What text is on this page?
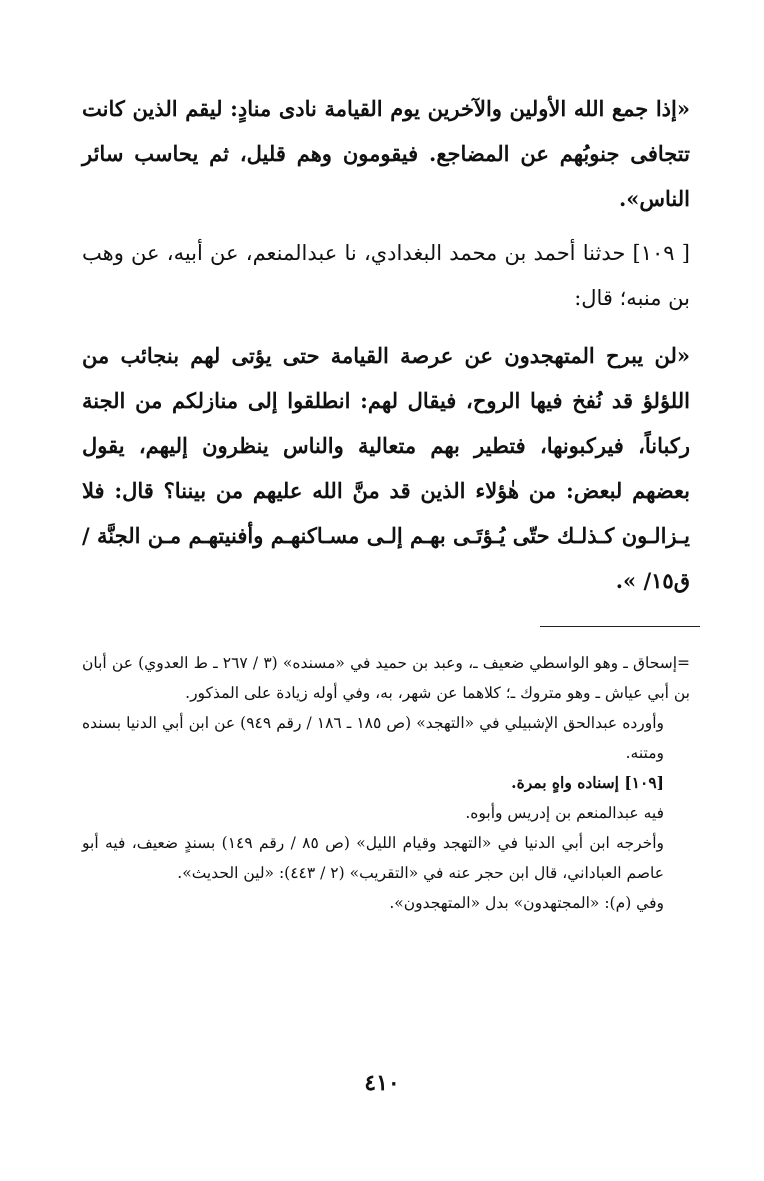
«إذا جمع الله الأولين والآخرين يوم القيامة نادى منادٍ: ليقم الذين كانت تتجافى جنوبُهم عن المضاجع. فيقومون وهم قليل، ثم يحاسب سائر الناس».

[ ١٠٩] حدثنا أحمد بن محمد البغدادي، نا عبدالمنعم، عن أبيه، عن وهب بن منبه؛ قال:

«لن يبرح المتهجدون عن عرصة القيامة حتى يؤتى لهم بنجائب من اللؤلؤ قد نُفخ فيها الروح، فيقال لهم: انطلقوا إلى منازلكم من الجنة ركباناً، فيركبونها، فتطير بهم متعالية والناس ينظرون إليهم، يقول بعضهم لبعض: من هٰؤلاء الذين قد منَّ الله عليهم من بيننا؟ قال: فلا يـزالـون كـذلـك حتّى يُـؤتَـى بهـم إلـى مسـاكنهـم وأفنيتهـم مـن الجنَّة / ق١٥/ ».

=إسحاق ـ وهو الواسطي ضعيف ـ، وعبد بن حميد في «مسنده» (٣ / ٢٦٧ ـ ط العدوي) عن أبان بن أبي عياش ـ وهو متروك ـ؛ كلاهما عن شهر، به، وفي أوله زيادة على المذكور.

وأورده عبدالحق الإشبيلي في «التهجد» (ص ١٨٥ ـ ١٨٦ / رقم ٩٤٩) عن ابن أبي الدنيا بسنده ومتنه.

[١٠٩] إسناده واهٍ بمرة.

فيه عبدالمنعم بن إدريس وأبوه.

وأخرجه ابن أبي الدنيا في «التهجد وقيام الليل» (ص ٨٥ / رقم ١٤٩) بسندٍ ضعيف، فيه أبو عاصم العباداني، قال ابن حجر عنه في «التقريب» (٢ / ٤٤٣): «لين الحديث».

وفي (م): «المجتهدون» بدل «المتهجدون».

٤١٠
